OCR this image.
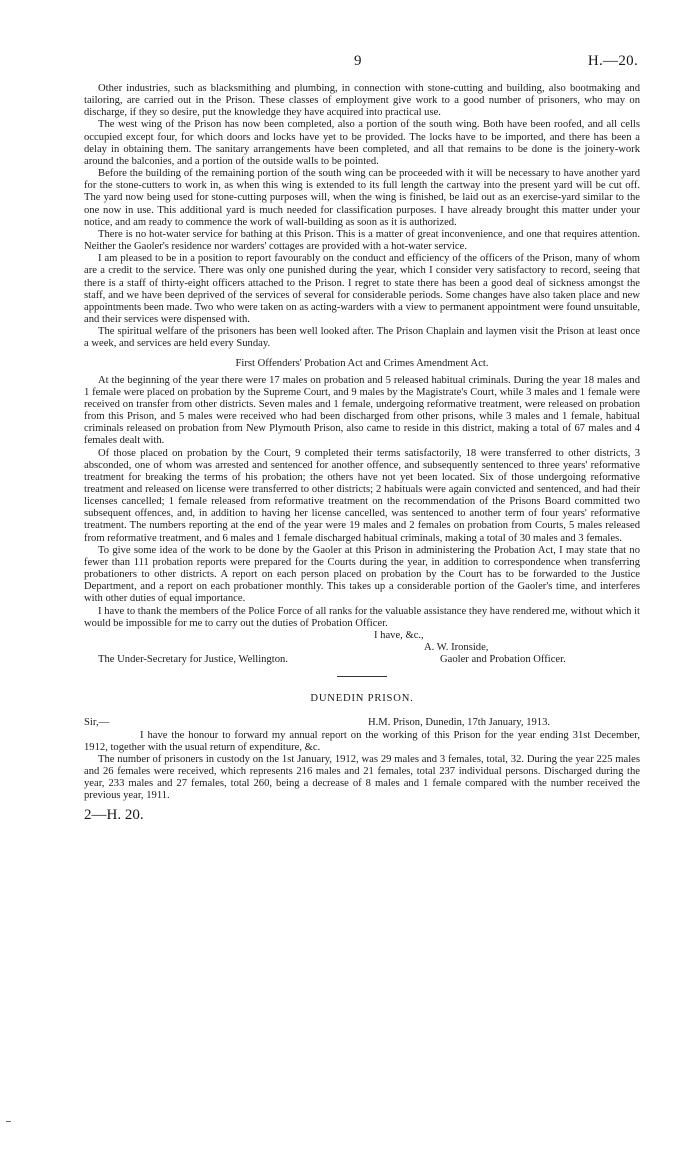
9	H.—20.

Other industries, such as blacksmithing and plumbing, in connection with stone-cutting and building, also bootmaking and tailoring, are carried out in the Prison. These classes of employment give work to a good number of prisoners, who may on discharge, if they so desire, put the knowledge they have acquired into practical use.

The west wing of the Prison has now been completed, also a portion of the south wing. Both have been roofed, and all cells occupied except four, for which doors and locks have yet to be provided. The locks have to be imported, and there has been a delay in obtaining them. The sanitary arrangements have been completed, and all that remains to be done is the joinery-work around the balconies, and a portion of the outside walls to be pointed.

Before the building of the remaining portion of the south wing can be proceeded with it will be necessary to have another yard for the stone-cutters to work in, as when this wing is extended to its full length the cartway into the present yard will be cut off. The yard now being used for stone-cutting purposes will, when the wing is finished, be laid out as an exercise-yard similar to the one now in use. This additional yard is much needed for classification purposes. I have already brought this matter under your notice, and am ready to commence the work of wall-building as soon as it is authorized.

There is no hot-water service for bathing at this Prison. This is a matter of great inconvenience, and one that requires attention. Neither the Gaoler's residence nor warders' cottages are provided with a hot-water service.

I am pleased to be in a position to report favourably on the conduct and efficiency of the officers of the Prison, many of whom are a credit to the service. There was only one punished during the year, which I consider very satisfactory to record, seeing that there is a staff of thirty-eight officers attached to the Prison. I regret to state there has been a good deal of sickness amongst the staff, and we have been deprived of the services of several for considerable periods. Some changes have also taken place and new appointments been made. Two who were taken on as acting-warders with a view to permanent appointment were found unsuitable, and their services were dispensed with.

The spiritual welfare of the prisoners has been well looked after. The Prison Chaplain and laymen visit the Prison at least once a week, and services are held every Sunday.

First Offenders' Probation Act and Crimes Amendment Act.

At the beginning of the year there were 17 males on probation and 5 released habitual criminals. During the year 18 males and 1 female were placed on probation by the Supreme Court, and 9 males by the Magistrate's Court, while 3 males and 1 female were received on transfer from other districts. Seven males and 1 female, undergoing reformative treatment, were released on probation from this Prison, and 5 males were received who had been discharged from other prisons, while 3 males and 1 female, habitual criminals released on probation from New Plymouth Prison, also came to reside in this district, making a total of 67 males and 4 females dealt with.

Of those placed on probation by the Court, 9 completed their terms satisfactorily, 18 were transferred to other districts, 3 absconded, one of whom was arrested and sentenced for another offence, and subsequently sentenced to three years' reformative treatment for breaking the terms of his probation; the others have not yet been located. Six of those undergoing reformative treatment and released on license were transferred to other districts; 2 habituals were again convicted and sentenced, and had their licenses cancelled; 1 female released from reformative treatment on the recommendation of the Prisons Board committed two subsequent offences, and, in addition to having her license cancelled, was sentenced to another term of four years' reformative treatment. The numbers reporting at the end of the year were 19 males and 2 females on probation from Courts, 5 males released from reformative treatment, and 6 males and 1 female discharged habitual criminals, making a total of 30 males and 3 females.

To give some idea of the work to be done by the Gaoler at this Prison in administering the Probation Act, I may state that no fewer than 111 probation reports were prepared for the Courts during the year, in addition to correspondence when transferring probationers to other districts. A report on each person placed on probation by the Court has to be forwarded to the Justice Department, and a report on each probationer monthly. This takes up a considerable portion of the Gaoler's time, and interferes with other duties of equal importance.

I have to thank the members of the Police Force of all ranks for the valuable assistance they have rendered me, without which it would be impossible for me to carry out the duties of Probation Officer.

I have, &c.,
A. W. Ironside,
The Under-Secretary for Justice, Wellington.	Gaoler and Probation Officer.
DUNEDIN PRISON.
Sir,—	H.M. Prison, Dunedin, 17th January, 1913.

I have the honour to forward my annual report on the working of this Prison for the year ending 31st December, 1912, together with the usual return of expenditure, &c.

The number of prisoners in custody on the 1st January, 1912, was 29 males and 3 females, total, 32. During the year 225 males and 26 females were received, which represents 216 males and 21 females, total 237 individual persons. Discharged during the year, 233 males and 27 females, total 260, being a decrease of 8 males and 1 female compared with the number received the previous year, 1911.

2—H. 20.
